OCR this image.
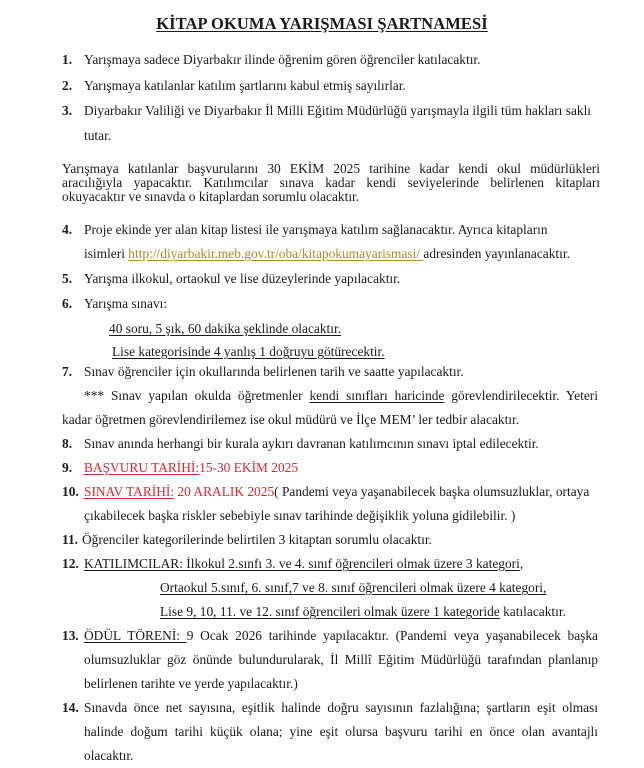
KİTAP OKUMA YARIŞMASI ŞARTNAMESİ
1. Yarışmaya sadece Diyarbakır ilinde öğrenim gören öğrenciler katılacaktır.
2. Yarışmaya katılanlar katılım şartlarını kabul etmiş sayılırlar.
3. Diyarbakır Valiliği ve Diyarbakır İl Milli Eğitim Müdürlüğü yarışmayla ilgili tüm hakları saklı
tutar.
Yarışmaya katılanlar başvurularını 30 EKİM 2025 tarihine kadar kendi okul müdürlükleri
aracılığıyla yapacaktır. Katılımcılar sınava kadar kendi seviyelerinde belirlenen kitapları
okuyacaktır ve sınavda o kitaplardan sorumlu olacaktır.
4. Proje ekinde yer alan kitap listesi ile yarışmaya katılım sağlanacaktır. Ayrıca kitapların
isimleri http://diyarbakir.meb.gov.tr/oba/kitapokumayarismasi/ adresinden yayınlanacaktır.
5. Yarışma ilkokul, ortaokul ve lise düzeylerinde yapılacaktır.
6. Yarışma sınavı:
40 soru, 5 şık, 60 dakika şeklinde olacaktır.
Lise kategorisinde 4 yanlış 1 doğruyu götürecektir.
7. Sınav öğrenciler için okullarında belirlenen tarih ve saatte yapılacaktır.
*** Sınav yapılan okulda öğretmenler kendi sınıfları haricinde görevlendirilecektir. Yeteri
kadar öğretmen görevlendirilemez ise okul müdürü ve İlçe MEM’ ler tedbir alacaktır.
8. Sınav anında herhangi bir kurala aykırı davranan katılımcının sınavı iptal edilecektir.
9. BAŞVURU TARİHİ:15-30 EKİM 2025
10. SINAV TARİHİ: 20 ARALIK 2025( Pandemi veya yaşanabilecek başka olumsuzluklar, ortaya
çıkabilecek başka riskler sebebiyle sınav tarihinde değişiklik yoluna gidilebilir. )
11. Öğrenciler kategorilerinde belirtilen 3 kitaptan sorumlu olacaktır.
12. KATILIMCILAR: İlkokul 2.sınfı 3. ve 4. sınıf öğrencileri olmak üzere 3 kategori,
Ortaokul 5.sınıf, 6. sınıf,7 ve 8. sınıf öğrencileri olmak üzere 4 kategori,
Lise 9, 10, 11. ve 12. sınıf öğrencileri olmak üzere 1 kategoride katılacaktır.
13. ÖDÜL TÖRENİ: 9 Ocak 2026 tarihinde yapılacaktır. (Pandemi veya yaşanabilecek başka
olumsuzluklar göz önünde bulundurularak, İl Millî Eğitim Müdürlüğü tarafından planlanıp
belirlenen tarihte ve yerde yapılacaktır.)
14. Sınavda önce net sayısına, eşitlik halinde doğru sayısının fazlalığına; şartların eşit olması
halinde doğum tarihi küçük olana; yine eşit olursa başvuru tarihi en önce olan avantajlı
olacaktır.
